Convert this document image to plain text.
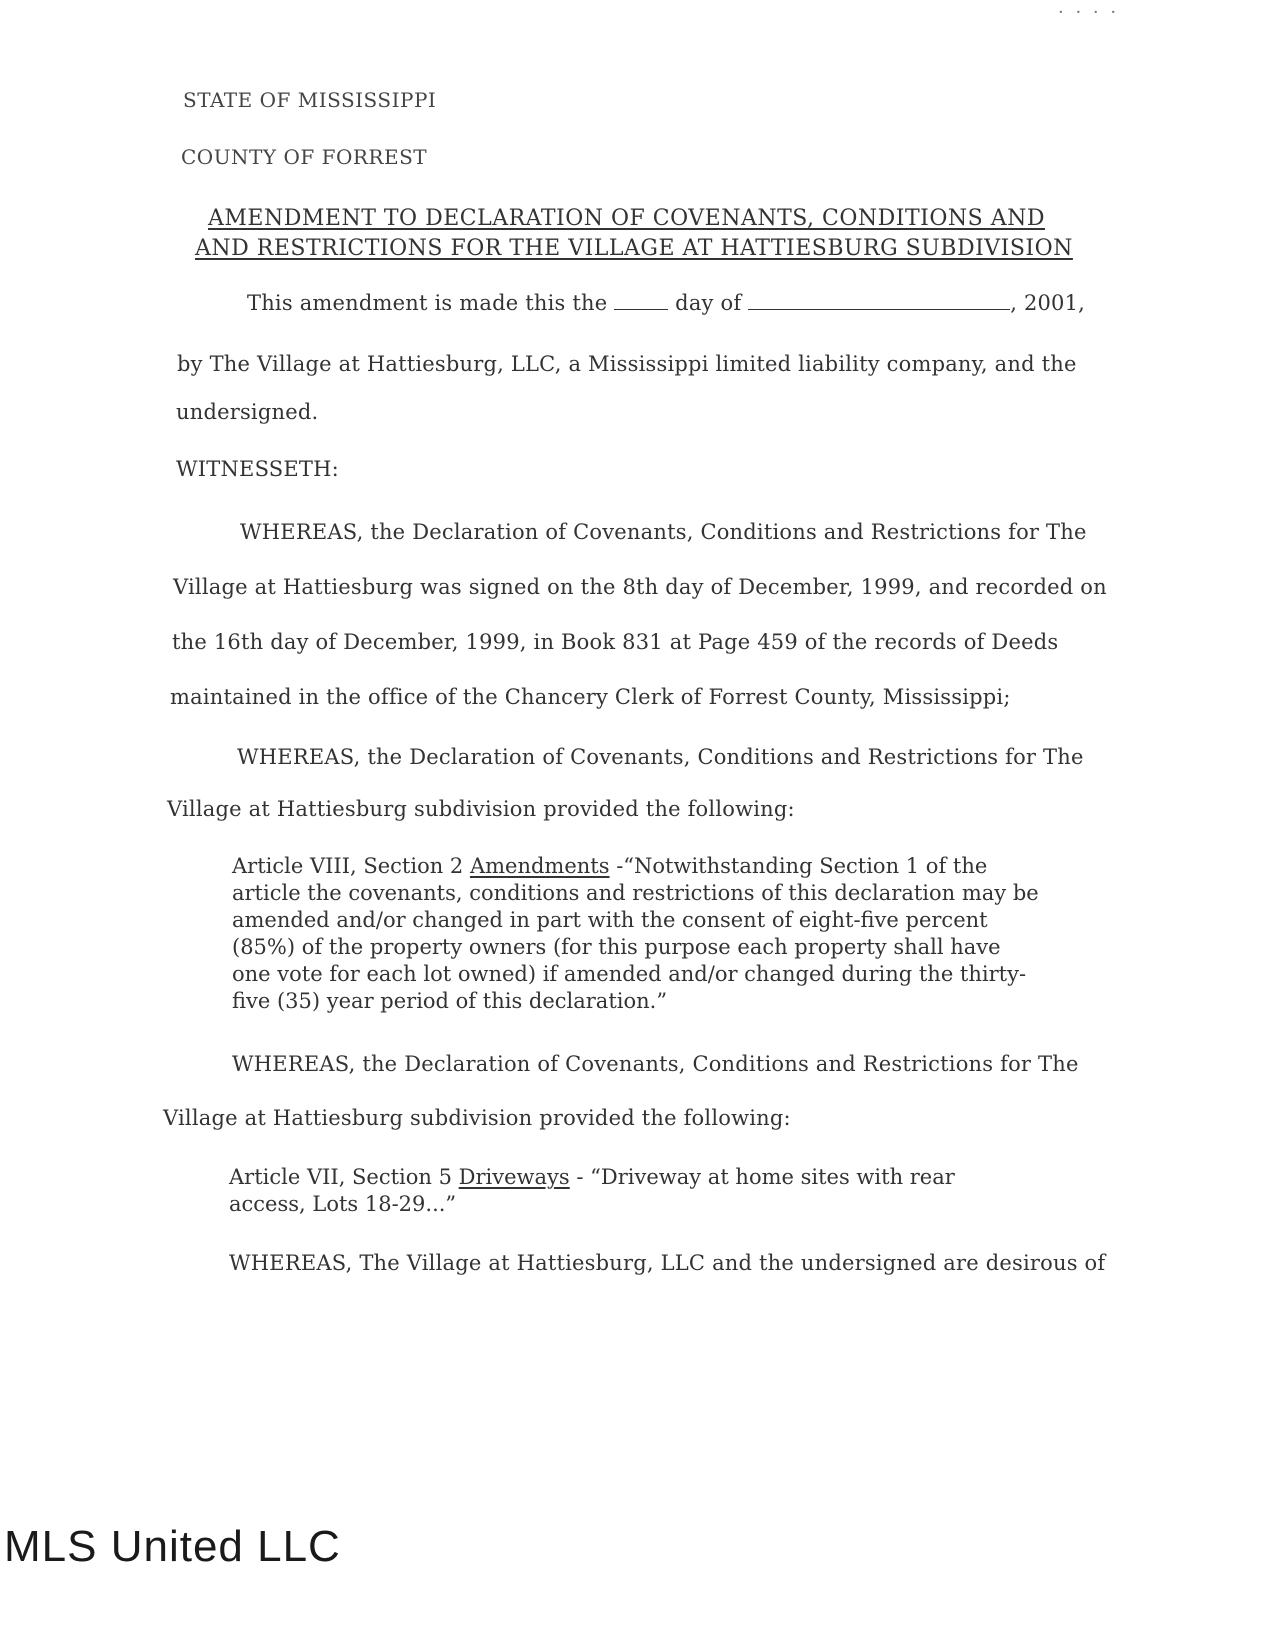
· · · ·
STATE OF MISSISSIPPI
COUNTY OF FORREST
AMENDMENT TO DECLARATION OF COVENANTS, CONDITIONS AND
AND RESTRICTIONS FOR THE VILLAGE AT HATTIESBURG SUBDIVISION
This amendment is made this the	day of	, 2001,
by The Village at Hattiesburg, LLC, a Mississippi limited liability company, and the
undersigned.
WITNESSETH:
WHEREAS, the Declaration of Covenants, Conditions and Restrictions for The
Village at Hattiesburg was signed on the 8th day of December, 1999, and recorded on
the 16th day of December, 1999, in Book 831 at Page 459 of the records of Deeds
maintained in the office of the Chancery Clerk of Forrest County, Mississippi;
WHEREAS, the Declaration of Covenants, Conditions and Restrictions for The
Village at Hattiesburg subdivision provided the following:
Article VIII, Section 2 Amendments -“Notwithstanding Section 1 of the
article the covenants, conditions and restrictions of this declaration may be
amended and/or changed in part with the consent of eight-five percent
(85%) of the property owners (for this purpose each property shall have
one vote for each lot owned) if amended and/or changed during the thirty-
five (35) year period of this declaration.”
WHEREAS, the Declaration of Covenants, Conditions and Restrictions for The
Village at Hattiesburg subdivision provided the following:
Article VII, Section 5 Driveways - “Driveway at home sites with rear
access, Lots 18-29...”
WHEREAS, The Village at Hattiesburg, LLC and the undersigned are desirous of
MLS United LLC
